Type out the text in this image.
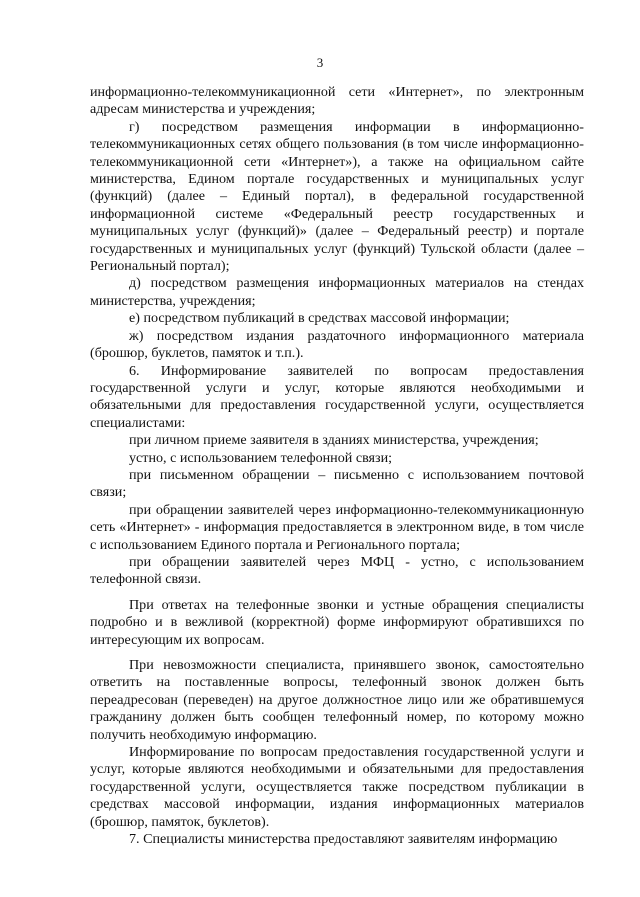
3

информационно-телекоммуникационной сети «Интернет», по электронным адресам министерства и учреждения;

г) посредством размещения информации в информационно-телекоммуникационных сетях общего пользования (в том числе информационно-телекоммуникационной сети «Интернет»), а также на официальном сайте министерства, Едином портале государственных и муниципальных услуг (функций) (далее – Единый портал), в федеральной государственной информационной системе «Федеральный реестр государственных и муниципальных услуг (функций)» (далее – Федеральный реестр) и портале государственных и муниципальных услуг (функций) Тульской области (далее – Региональный портал);

д) посредством размещения информационных материалов на стендах министерства, учреждения;

е) посредством публикаций в средствах массовой информации;

ж) посредством издания раздаточного информационного материала (брошюр, буклетов, памяток и т.п.).

6. Информирование заявителей по вопросам предоставления государственной услуги и услуг, которые являются необходимыми и обязательными для предоставления государственной услуги, осуществляется специалистами:

при личном приеме заявителя в зданиях министерства, учреждения;

устно, с использованием телефонной связи;

при письменном обращении – письменно с использованием почтовой связи;

при обращении заявителей через информационно-телекоммуникационную сеть «Интернет» - информация предоставляется в электронном виде, в том числе с использованием Единого портала и Регионального портала;

при обращении заявителей через МФЦ - устно, с использованием телефонной связи.

При ответах на телефонные звонки и устные обращения специалисты подробно и в вежливой (корректной) форме информируют обратившихся по интересующим их вопросам.

При невозможности специалиста, принявшего звонок, самостоятельно ответить на поставленные вопросы, телефонный звонок должен быть переадресован (переведен) на другое должностное лицо или же обратившемуся гражданину должен быть сообщен телефонный номер, по которому можно получить необходимую информацию.

Информирование по вопросам предоставления государственной услуги и услуг, которые являются необходимыми и обязательными для предоставления государственной услуги, осуществляется также посредством публикации в средствах массовой информации, издания информационных материалов (брошюр, памяток, буклетов).

7. Специалисты министерства предоставляют заявителям информацию
